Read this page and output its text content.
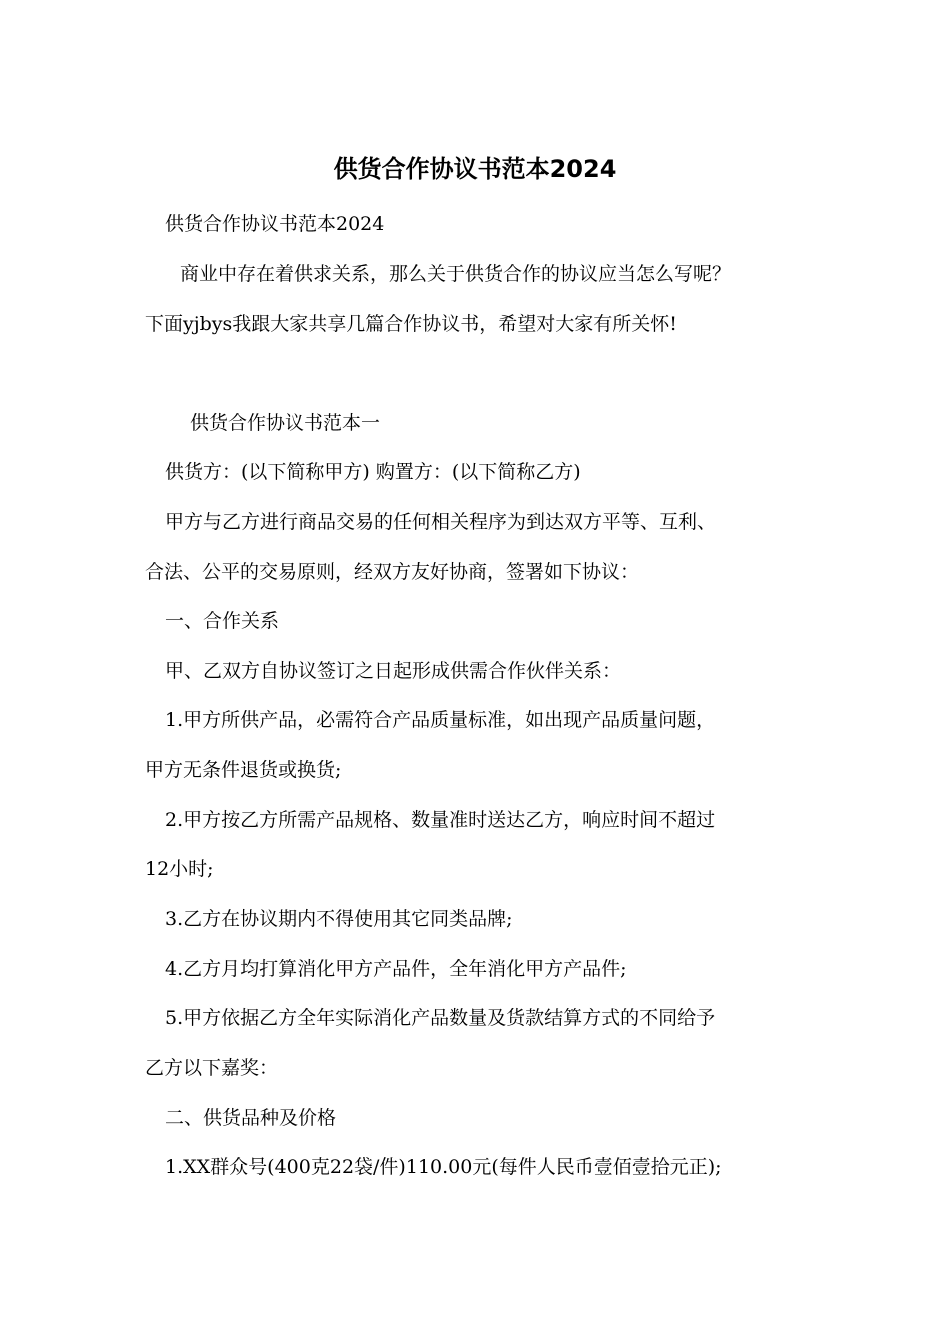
供货合作协议书范本2024
供货合作协议书范本2024
商业中存在着供求关系，那么关于供货合作的协议应当怎么写呢？
下面yjbys我跟大家共享几篇合作协议书，希望对大家有所关怀!
供货合作协议书范本一
供货方：(以下简称甲方) 购置方：(以下简称乙方)
甲方与乙方进行商品交易的任何相关程序为到达双方平等、互利、
合法、公平的交易原则，经双方友好协商，签署如下协议：
一、合作关系
甲、乙双方自协议签订之日起形成供需合作伙伴关系：
1.甲方所供产品，必需符合产品质量标准，如出现产品质量问题，
甲方无条件退货或换货;
2.甲方按乙方所需产品规格、数量准时送达乙方，响应时间不超过
12小时;
3.乙方在协议期内不得使用其它同类品牌;
4.乙方月均打算消化甲方产品件，全年消化甲方产品件;
5.甲方依据乙方全年实际消化产品数量及货款结算方式的不同给予
乙方以下嘉奖：
二、供货品种及价格
1.XX群众号(400克22袋/件)110.00元(每件人民币壹佰壹拾元正);
